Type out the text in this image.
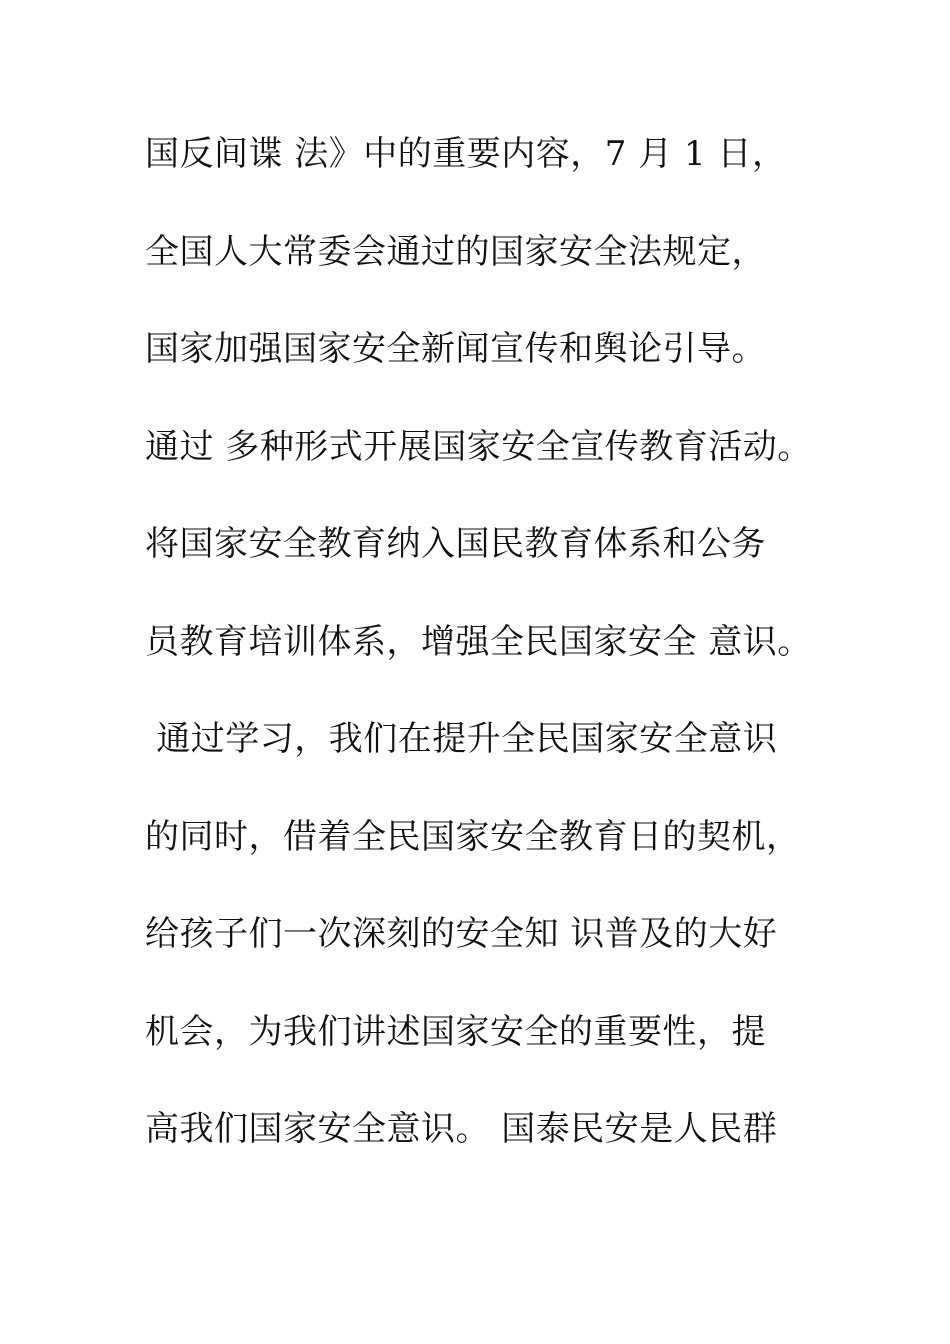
国反间谍 法》中的重要内容，7 月 1 日，
全国人大常委会通过的国家安全法规定，
国家加强国家安全新闻宣传和舆论引导。
通过 多种形式开展国家安全宣传教育活动。
将国家安全教育纳入国民教育体系和公务
员教育培训体系，增强全民国家安全 意识。
通过学习，我们在提升全民国家安全意识
的同时，借着全民国家安全教育日的契机，
给孩子们一次深刻的安全知 识普及的大好
机会，为我们讲述国家安全的重要性，提
高我们国家安全意识。 国泰民安是人民群
